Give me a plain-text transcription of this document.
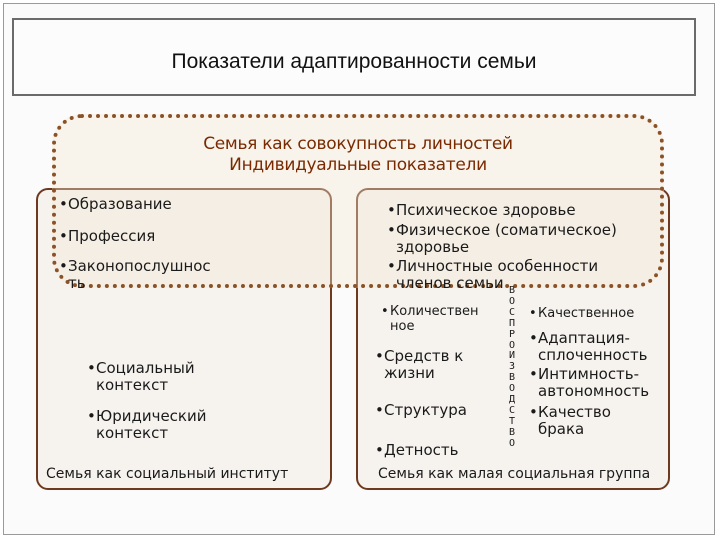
Показатели адаптированности семьи
Семья как совокупность личностей
Индивидуальные показатели
• Образование
• Профессия
• Законопослушнос
ть
• Психическое здоровье
• Физическое (соматическое)
здоровье
• Личностные особенности
членов семьи
• Социальный
контекст
• Юридический
контекст
Семья как социальный институт
• Количествен
ное
• Средств к
жизни
• Структура
• Детность
В
О
С
П
Р
О
И
З
В
О
Д
С
Т
В
О
• Качественное
• Адаптация-
сплоченность
• Интимность-
автономность
• Качество
брака
Семья как малая социальная группа
